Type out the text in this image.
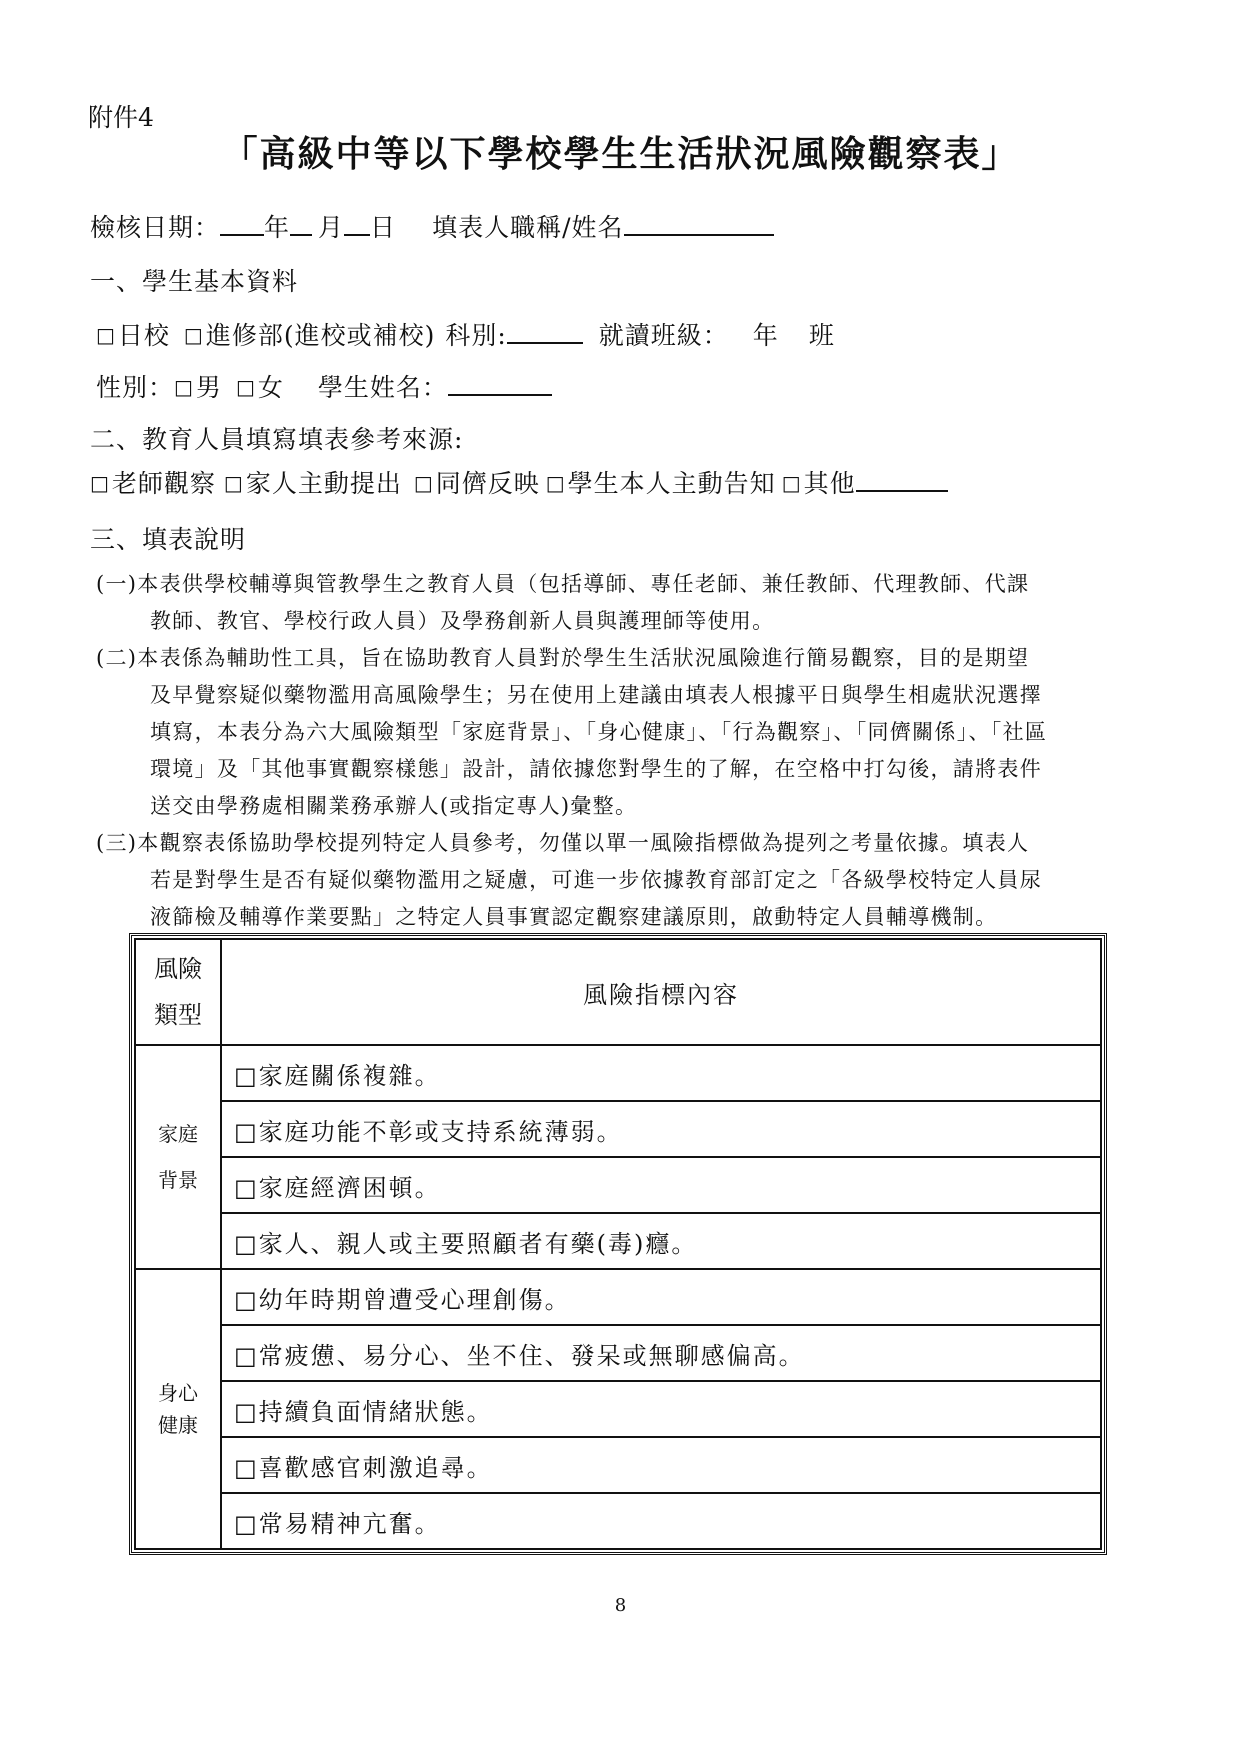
附件4
「高級中等以下學校學生生活狀況風險觀察表」
檢核日期： 年 月 日 填表人職稱/姓名
一、學生基本資料
□日校 □進修部(進校或補校) 科別:	就讀班級： 年 班
性別：□男 □女 學生姓名：
二、教育人員填寫填表參考來源:
□老師觀察 □家人主動提出 □同儕反映 □學生本人主動告知 □其他
三、填表說明
(一)本表供學校輔導與管教學生之教育人員（包括導師、專任老師、兼任教師、代理教師、代課
教師、教官、學校行政人員）及學務創新人員與護理師等使用。
(二)本表係為輔助性工具，旨在協助教育人員對於學生生活狀況風險進行簡易觀察，目的是期望
及早覺察疑似藥物濫用高風險學生；另在使用上建議由填表人根據平日與學生相處狀況選擇
填寫，本表分為六大風險類型「家庭背景」、「身心健康」、「行為觀察」、「同儕關係」、「社區
環境」及「其他事實觀察樣態」設計，請依據您對學生的了解，在空格中打勾後，請將表件
送交由學務處相關業務承辦人(或指定專人)彙整。
(三)本觀察表係協助學校提列特定人員參考，勿僅以單一風險指標做為提列之考量依據。填表人
若是對學生是否有疑似藥物濫用之疑慮，可進一步依據教育部訂定之「各級學校特定人員尿
液篩檢及輔導作業要點」之特定人員事實認定觀察建議原則，啟動特定人員輔導機制。
風險
類型	風險指標內容

家庭
背景	□家庭關係複雜。
	□家庭功能不彰或支持系統薄弱。
	□家庭經濟困頓。
	□家人、親人或主要照顧者有藥(毒)癮。

身心
健康	□幼年時期曾遭受心理創傷。
	□常疲憊、易分心、坐不住、發呆或無聊感偏高。
	□持續負面情緒狀態。
	□喜歡感官刺激追尋。
	□常易精神亢奮。
8
